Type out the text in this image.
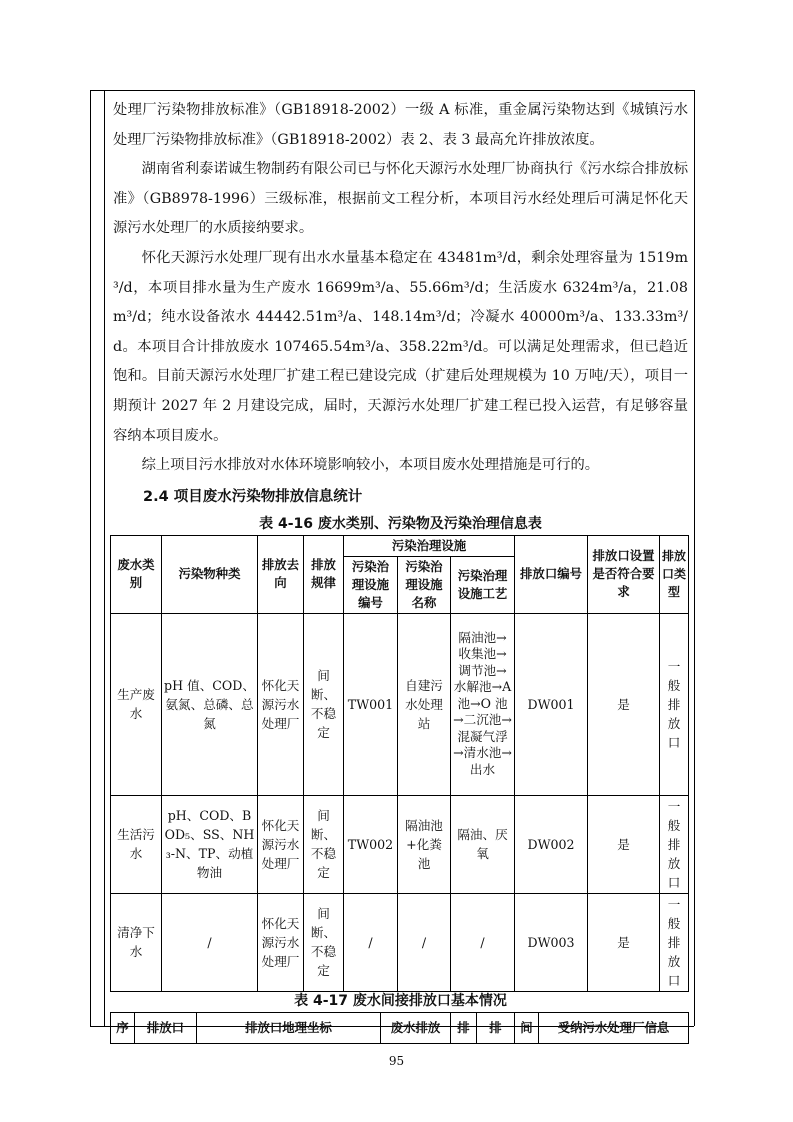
处理厂污染物排放标准》（GB18918-2002）一级 A 标准，重金属污染物达到《城镇污水处理厂污染物排放标准》（GB18918-2002）表 2、表 3 最高允许排放浓度。

湖南省利泰诺诚生物制药有限公司已与怀化天源污水处理厂协商执行《污水综合排放标准》（GB8978-1996）三级标准，根据前文工程分析，本项目污水经处理后可满足怀化天源污水处理厂的水质接纳要求。

怀化天源污水处理厂现有出水水量基本稳定在 43481m³/d，剩余处理容量为 1519m³/d，本项目排水量为生产废水 16699m³/a、55.66m³/d；生活废水 6324m³/a，21.08m³/d；纯水设备浓水 44442.51m³/a、148.14m³/d；冷凝水 40000m³/a、133.33m³/d。本项目合计排放废水 107465.54m³/a、358.22m³/d。可以满足处理需求，但已趋近饱和。目前天源污水处理厂扩建工程已建设完成（扩建后处理规模为 10 万吨/天），项目一期预计 2027 年 2 月建设完成，届时，天源污水处理厂扩建工程已投入运营，有足够容量容纳本项目废水。

综上项目污水排放对水体环境影响较小，本项目废水处理措施是可行的。

2.4 项目废水污染物排放信息统计
表 4-16 废水类别、污染物及污染治理信息表
废水类别	污染物种类	排放去向	排放规律	污染治理设施			排放口编号	排放口设置是否符合要求	排放口类型
				污染治理设施编号	污染治理设施名称	污染治理设施工艺			
生产废水	pH 值、COD、氨氮、总磷、总氮	怀化天源污水处理厂	间断、不稳定	TW001	自建污水处理站	隔油池→收集池→调节池→水解池→A 池→O 池→二沉池→混凝气浮→清水池→出水	DW001	是	一般排放口
生活污水	pH、COD、BOD₅、SS、NH₃-N、TP、动植物油	怀化天源污水处理厂	间断、不稳定	TW002	隔油池+化粪池	隔油、厌氧	DW002	是	一般排放口
清净下水	/	怀化天源污水处理厂	间断、不稳定	/	/	/	DW003	是	一般排放口
表 4-17 废水间接排放口基本情况
序	排放口	排放口地理坐标	废水排放	排	排	间	受纳污水处理厂信息
95
